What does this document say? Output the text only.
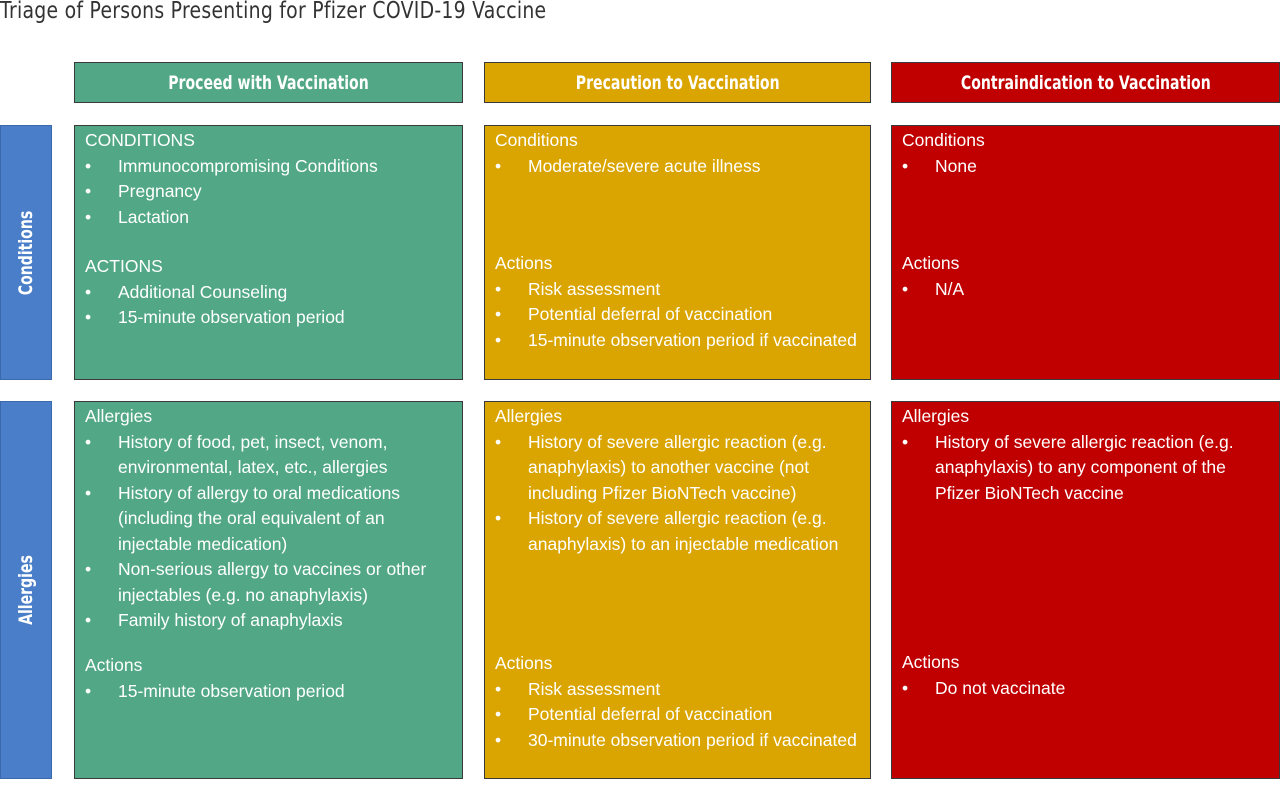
Triage of Persons Presenting for Pfizer COVID-19 Vaccine
Proceed with Vaccination	Precaution to Vaccination	Contraindication to Vaccination
Conditions
Allergies

CONDITIONS

• Immunocompromising Conditions
• Pregnancy
• Lactation

ACTIONS

• Additional Counseling
• 15-minute observation period

Conditions

• Moderate/severe acute illness

Actions

• Risk assessment
• Potential deferral of vaccination
• 15-minute observation period if vaccinated

Conditions

• None

Actions

• N/A

Allergies

• History of food, pet, insect, venom, environmental, latex, etc., allergies
• History of allergy to oral medications (including the oral equivalent of an injectable medication)
• Non-serious allergy to vaccines or other injectables (e.g. no anaphylaxis)
• Family history of anaphylaxis

Actions

• 15-minute observation period

Allergies

• History of severe allergic reaction (e.g. anaphylaxis) to another vaccine (not including Pfizer BioNTech vaccine)
• History of severe allergic reaction (e.g. anaphylaxis) to an injectable medication

Actions

• Risk assessment
• Potential deferral of vaccination
• 30-minute observation period if vaccinated

Allergies

• History of severe allergic reaction (e.g. anaphylaxis) to any component of the Pfizer BioNTech vaccine

Actions

• Do not vaccinate
